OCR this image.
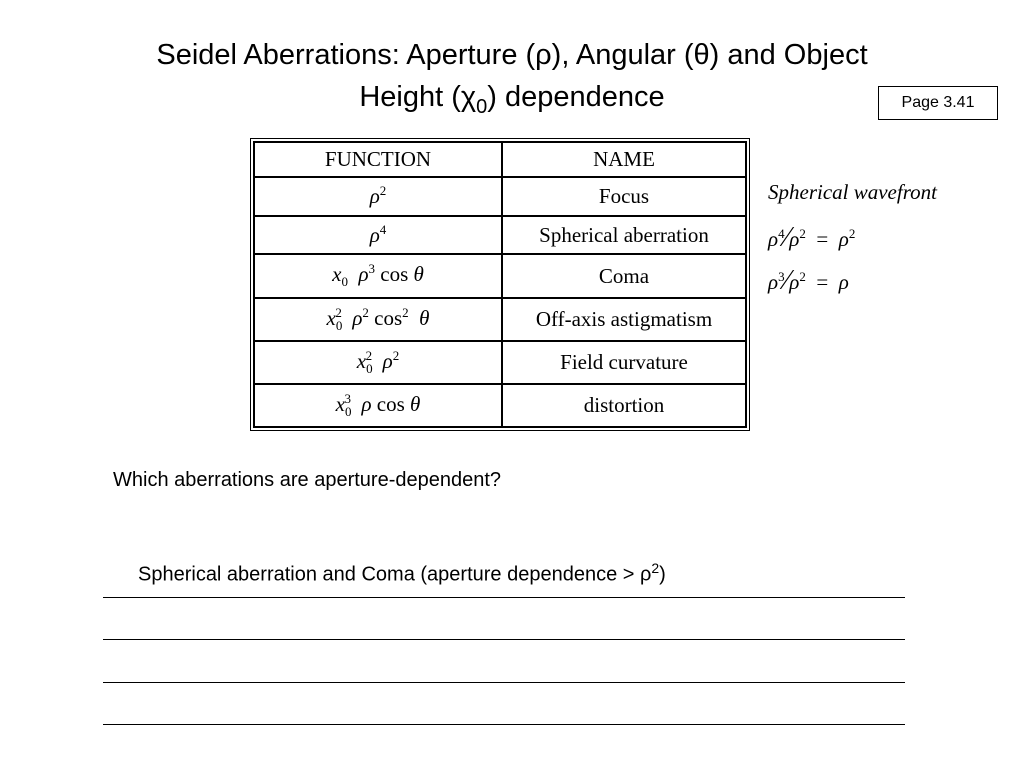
Seidel Aberrations: Aperture (ρ), Angular (θ) and Object
Height $(\chi_0)$ dependence	Page 3.41
FUNCTION	NAME
$\rho^2$	Focus
$\rho^4$	Spherical aberration
$x_0$ $\rho^3$ cos θ	Coma
$x_0^2$ $\rho^2$ $\cos^2 \theta$	Off-axis astigmatism
$x_0^2$ $\rho^2$	Field curvature
$x_0^3$ ρ cos θ	distortion
Spherical wavefront
$\rho^4⁄\rho^2 = \rho^2$
$\rho^3⁄\rho^2 = \rho$
Which aberrations are aperture-dependent?
Spherical aberration and Coma (aperture dependence > $\rho^2$)
